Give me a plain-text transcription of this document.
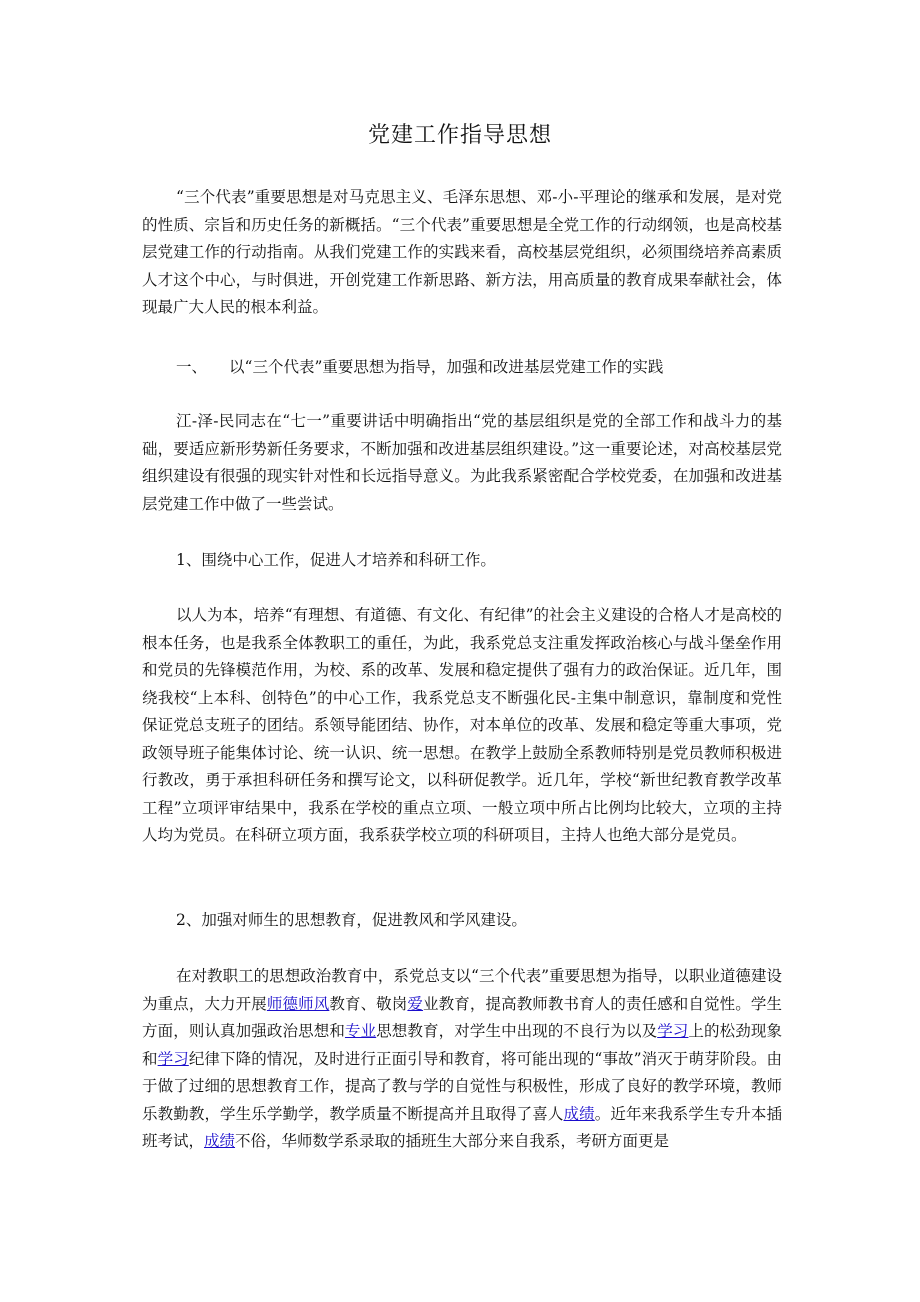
党建工作指导思想

“三个代表”重要思想是对马克思主义、毛泽东思想、邓-小-平理论的继承和发展，是对党的性质、宗旨和历史任务的新概括。“三个代表”重要思想是全党工作的行动纲领，也是高校基层党建工作的行动指南。从我们党建工作的实践来看，高校基层党组织，必须围绕培养高素质人才这个中心，与时俱进，开创党建工作新思路、新方法，用高质量的教育成果奉献社会，体现最广大人民的根本利益。

一、 以“三个代表”重要思想为指导，加强和改进基层党建工作的实践

江-泽-民同志在“七一”重要讲话中明确指出“党的基层组织是党的全部工作和战斗力的基础，要适应新形势新任务要求，不断加强和改进基层组织建设。”这一重要论述，对高校基层党组织建设有很强的现实针对性和长远指导意义。为此我系紧密配合学校党委，在加强和改进基层党建工作中做了一些尝试。

1、围绕中心工作，促进人才培养和科研工作。

以人为本，培养“有理想、有道德、有文化、有纪律”的社会主义建设的合格人才是高校的根本任务，也是我系全体教职工的重任，为此，我系党总支注重发挥政治核心与战斗堡垒作用和党员的先锋模范作用，为校、系的改革、发展和稳定提供了强有力的政治保证。近几年，围绕我校“上本科、创特色”的中心工作，我系党总支不断强化民-主集中制意识，靠制度和党性保证党总支班子的团结。系领导能团结、协作，对本单位的改革、发展和稳定等重大事项，党政领导班子能集体讨论、统一认识、统一思想。在教学上鼓励全系教师特别是党员教师积极进行教改，勇于承担科研任务和撰写论文，以科研促教学。近几年，学校“新世纪教育教学改革工程”立项评审结果中，我系在学校的重点立项、一般立项中所占比例均比较大，立项的主持人均为党员。在科研立项方面，我系获学校立项的科研项目，主持人也绝大部分是党员。

2、加强对师生的思想教育，促进教风和学风建设。

在对教职工的思想政治教育中，系党总支以“三个代表”重要思想为指导，以职业道德建设为重点，大力开展师德师风教育、敬岗爱业教育，提高教师教书育人的责任感和自觉性。学生方面，则认真加强政治思想和专业思想教育，对学生中出现的不良行为以及学习上的松劲现象和学习纪律下降的情况，及时进行正面引导和教育，将可能出现的“事故”消灭于萌芽阶段。由于做了过细的思想教育工作，提高了教与学的自觉性与积极性，形成了良好的教学环境，教师乐教勤教，学生乐学勤学，教学质量不断提高并且取得了喜人成绩。近年来我系学生专升本插班考试，成绩不俗，华师数学系录取的插班生大部分来自我系，考研方面更是
